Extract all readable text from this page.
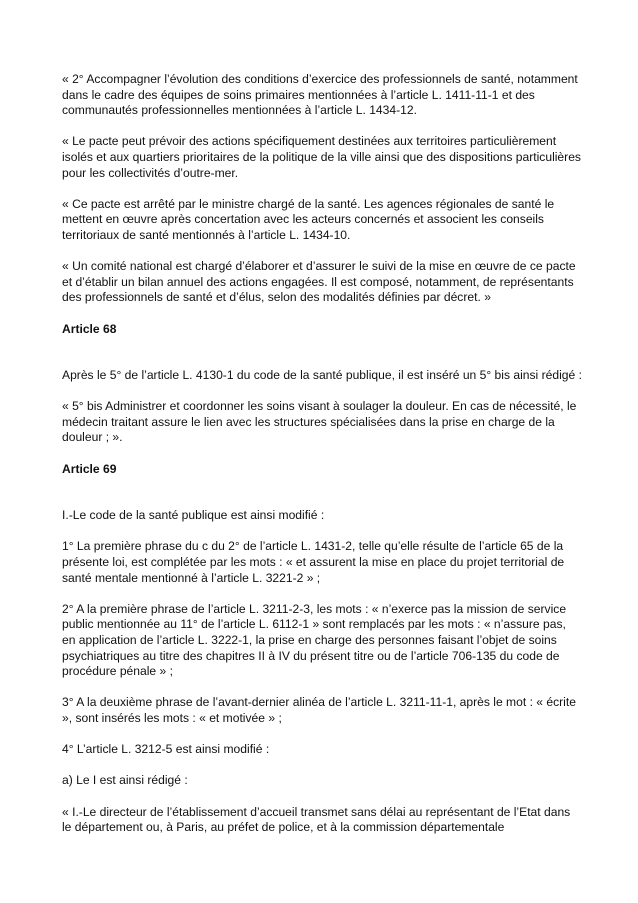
« 2° Accompagner l’évolution des conditions d’exercice des professionnels de santé, notamment dans le cadre des équipes de soins primaires mentionnées à l’article L. 1411-11-1 et des communautés professionnelles mentionnées à l’article L. 1434-12.

« Le pacte peut prévoir des actions spécifiquement destinées aux territoires particulièrement isolés et aux quartiers prioritaires de la politique de la ville ainsi que des dispositions particulières pour les collectivités d’outre-mer.

« Ce pacte est arrêté par le ministre chargé de la santé. Les agences régionales de santé le mettent en œuvre après concertation avec les acteurs concernés et associent les conseils territoriaux de santé mentionnés à l’article L. 1434-10.

« Un comité national est chargé d’élaborer et d’assurer le suivi de la mise en œuvre de ce pacte et d’établir un bilan annuel des actions engagées. Il est composé, notamment, de représentants des professionnels de santé et d’élus, selon des modalités définies par décret. »

Article 68

Après le 5° de l’article L. 4130-1 du code de la santé publique, il est inséré un 5° bis ainsi rédigé :

« 5° bis Administrer et coordonner les soins visant à soulager la douleur. En cas de nécessité, le médecin traitant assure le lien avec les structures spécialisées dans la prise en charge de la douleur ; ».

Article 69

I.-Le code de la santé publique est ainsi modifié :

1° La première phrase du c du 2° de l’article L. 1431-2, telle qu’elle résulte de l’article 65 de la présente loi, est complétée par les mots : « et assurent la mise en place du projet territorial de santé mentale mentionné à l’article L. 3221-2 » ;

2° A la première phrase de l’article L. 3211-2-3, les mots : « n’exerce pas la mission de service public mentionnée au 11° de l’article L. 6112-1 » sont remplacés par les mots : « n’assure pas, en application de l’article L. 3222-1, la prise en charge des personnes faisant l’objet de soins psychiatriques au titre des chapitres II à IV du présent titre ou de l’article 706-135 du code de procédure pénale » ;

3° A la deuxième phrase de l’avant-dernier alinéa de l’article L. 3211-11-1, après le mot : « écrite », sont insérés les mots : « et motivée » ;

4° L’article L. 3212-5 est ainsi modifié :

a) Le I est ainsi rédigé :

« I.-Le directeur de l’établissement d’accueil transmet sans délai au représentant de l’Etat dans le département ou, à Paris, au préfet de police, et à la commission départementale
